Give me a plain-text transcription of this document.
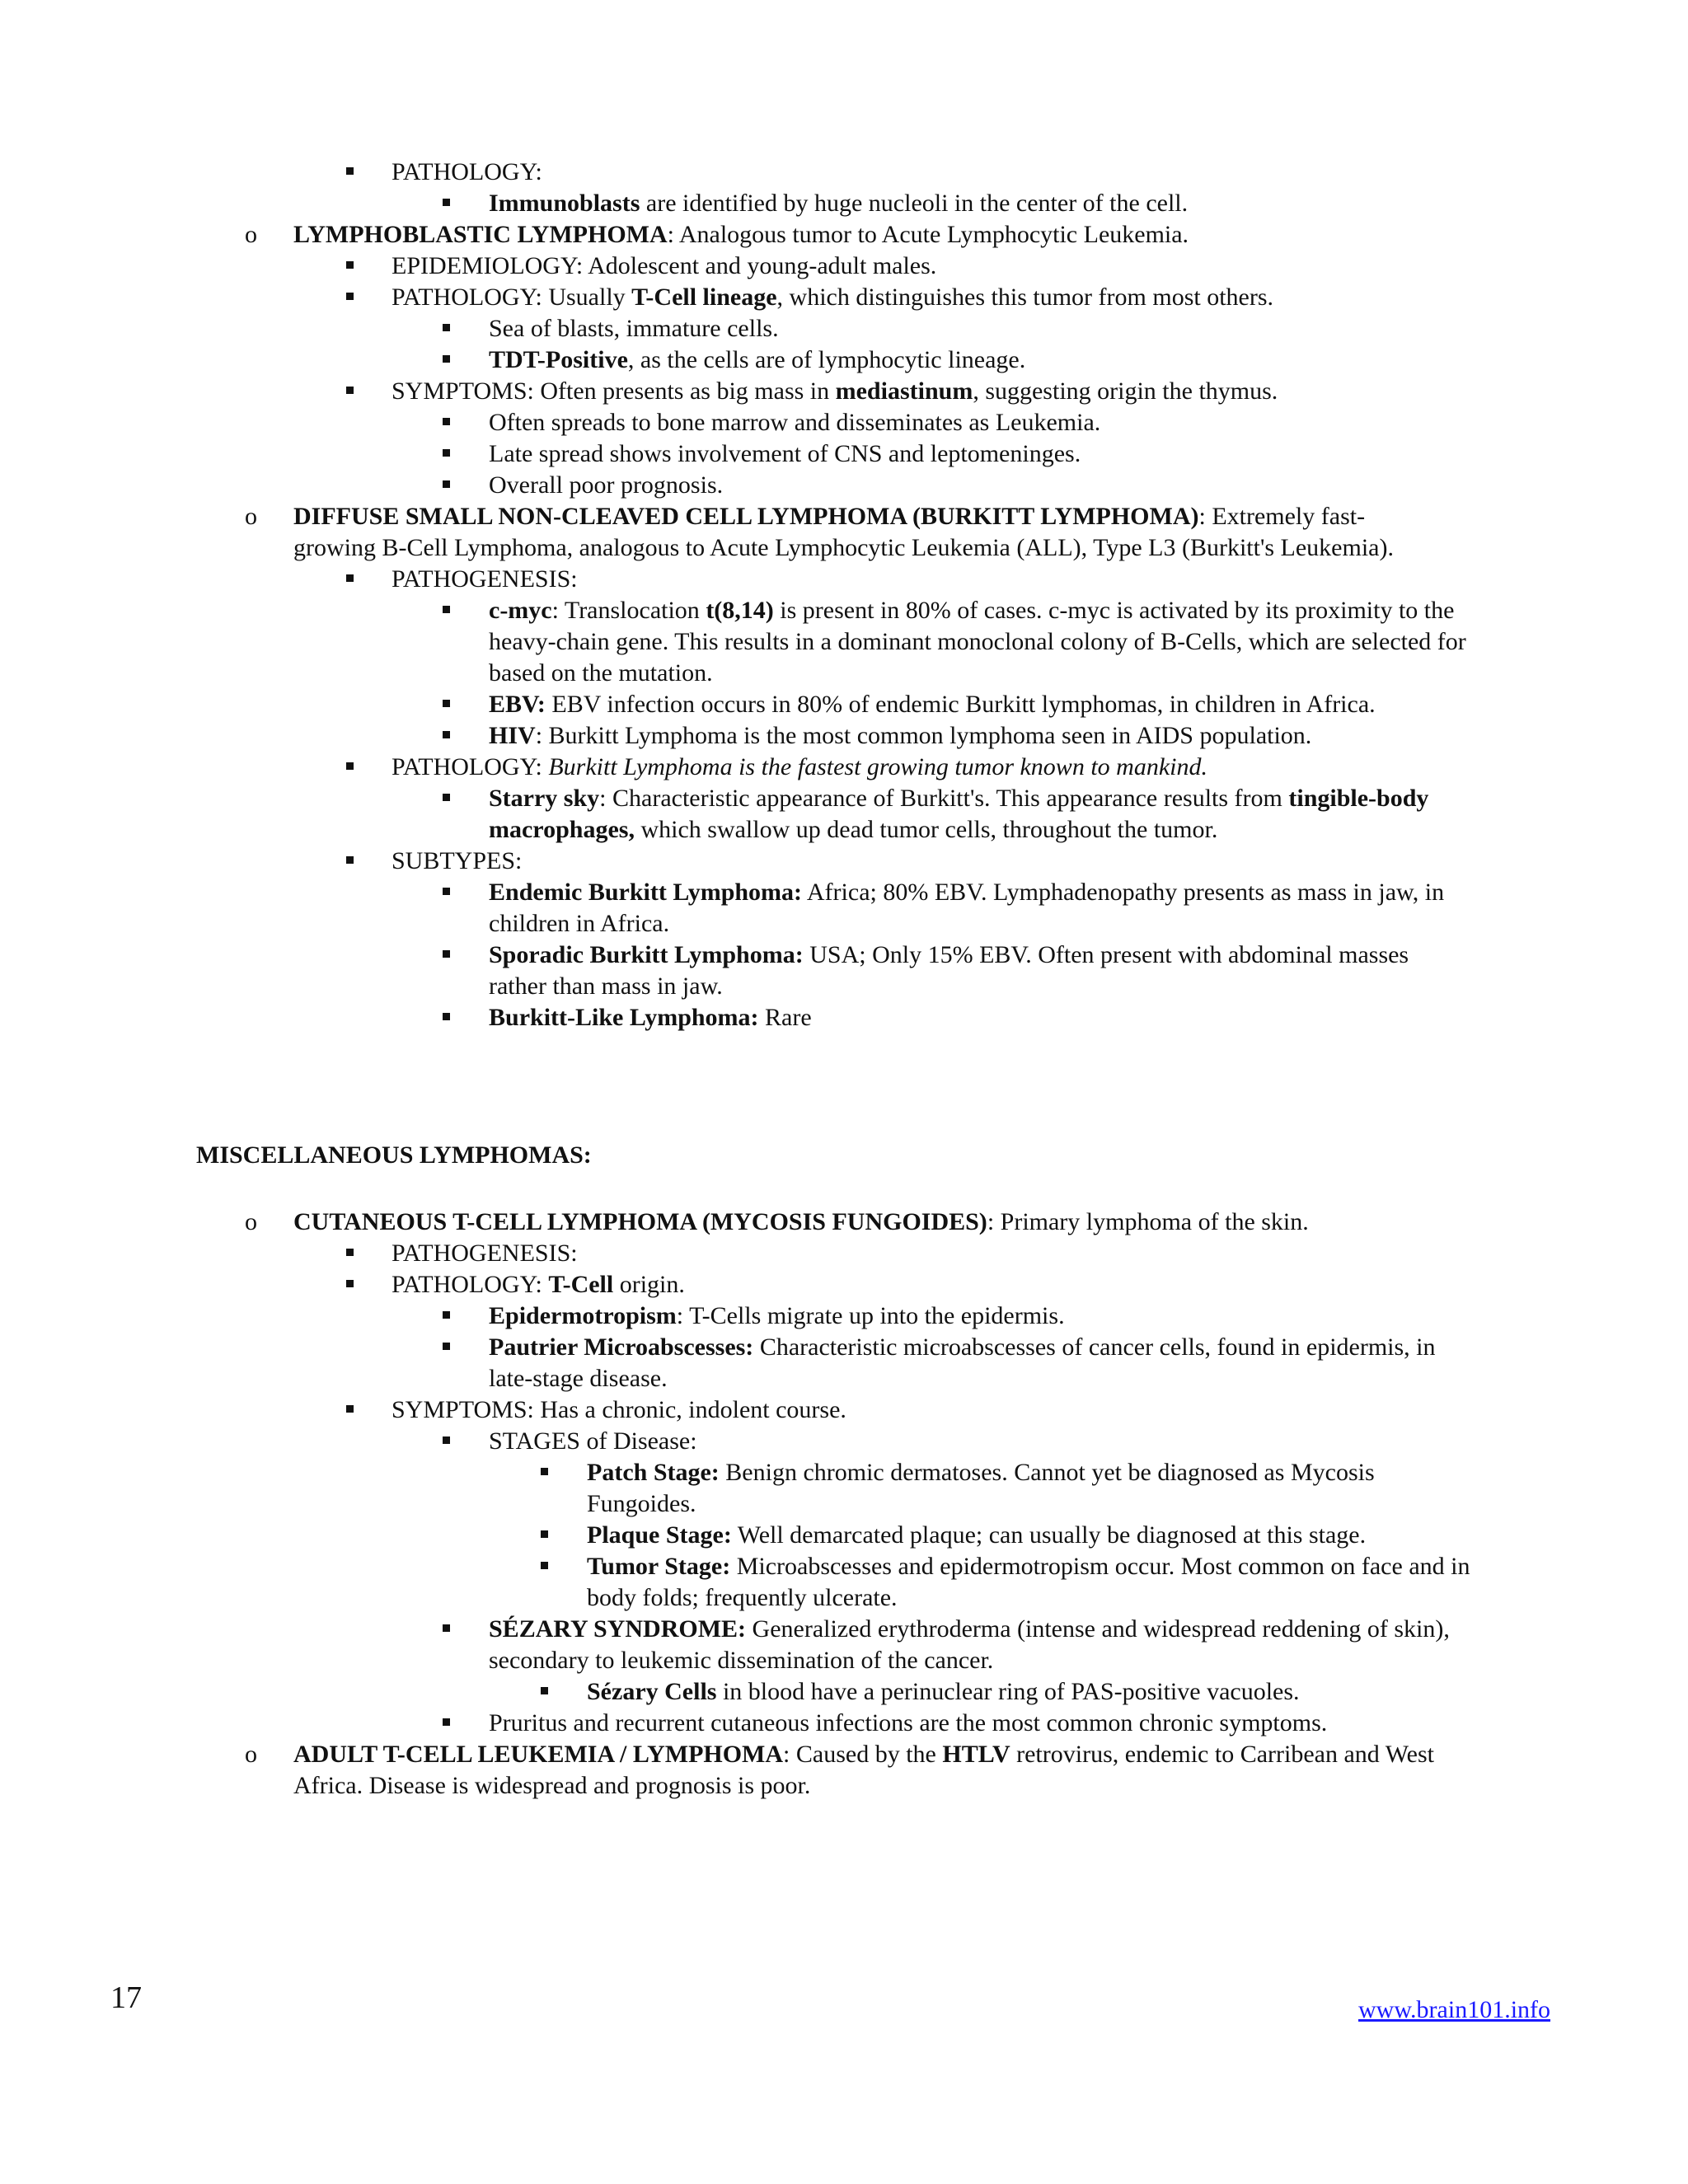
PATHOLOGY:
Immunoblasts are identified by huge nucleoli in the center of the cell.
o LYMPHOBLASTIC LYMPHOMA: Analogous tumor to Acute Lymphocytic Leukemia.
EPIDEMIOLOGY: Adolescent and young-adult males.
PATHOLOGY: Usually T-Cell lineage, which distinguishes this tumor from most others.
Sea of blasts, immature cells.
TDT-Positive, as the cells are of lymphocytic lineage.
SYMPTOMS: Often presents as big mass in mediastinum, suggesting origin the thymus.
Often spreads to bone marrow and disseminates as Leukemia.
Late spread shows involvement of CNS and leptomeninges.
Overall poor prognosis.
o DIFFUSE SMALL NON-CLEAVED CELL LYMPHOMA (BURKITT LYMPHOMA): Extremely fast-
growing B-Cell Lymphoma, analogous to Acute Lymphocytic Leukemia (ALL), Type L3 (Burkitt's Leukemia).
PATHOGENESIS:
c-myc: Translocation t(8,14) is present in 80% of cases. c-myc is activated by its proximity to the
heavy-chain gene. This results in a dominant monoclonal colony of B-Cells, which are selected for
based on the mutation.
EBV: EBV infection occurs in 80% of endemic Burkitt lymphomas, in children in Africa.
HIV: Burkitt Lymphoma is the most common lymphoma seen in AIDS population.
PATHOLOGY: Burkitt Lymphoma is the fastest growing tumor known to mankind.
Starry sky: Characteristic appearance of Burkitt's. This appearance results from tingible-body
macrophages, which swallow up dead tumor cells, throughout the tumor.
SUBTYPES:
Endemic Burkitt Lymphoma: Africa; 80% EBV. Lymphadenopathy presents as mass in jaw, in
children in Africa.
Sporadic Burkitt Lymphoma: USA; Only 15% EBV. Often present with abdominal masses
rather than mass in jaw.
Burkitt-Like Lymphoma: Rare
MISCELLANEOUS LYMPHOMAS:
o CUTANEOUS T-CELL LYMPHOMA (MYCOSIS FUNGOIDES): Primary lymphoma of the skin.
PATHOGENESIS:
PATHOLOGY: T-Cell origin.
Epidermotropism: T-Cells migrate up into the epidermis.
Pautrier Microabscesses: Characteristic microabscesses of cancer cells, found in epidermis, in
late-stage disease.
SYMPTOMS: Has a chronic, indolent course.
STAGES of Disease:
Patch Stage: Benign chromic dermatoses. Cannot yet be diagnosed as Mycosis
Fungoides.
Plaque Stage: Well demarcated plaque; can usually be diagnosed at this stage.
Tumor Stage: Microabscesses and epidermotropism occur. Most common on face and in
body folds; frequently ulcerate.
SÉZARY SYNDROME: Generalized erythroderma (intense and widespread reddening of skin),
secondary to leukemic dissemination of the cancer.
Sézary Cells in blood have a perinuclear ring of PAS-positive vacuoles.
Pruritus and recurrent cutaneous infections are the most common chronic symptoms.
o ADULT T-CELL LEUKEMIA / LYMPHOMA: Caused by the HTLV retrovirus, endemic to Carribean and West
Africa. Disease is widespread and prognosis is poor.
17	www.brain101.info
